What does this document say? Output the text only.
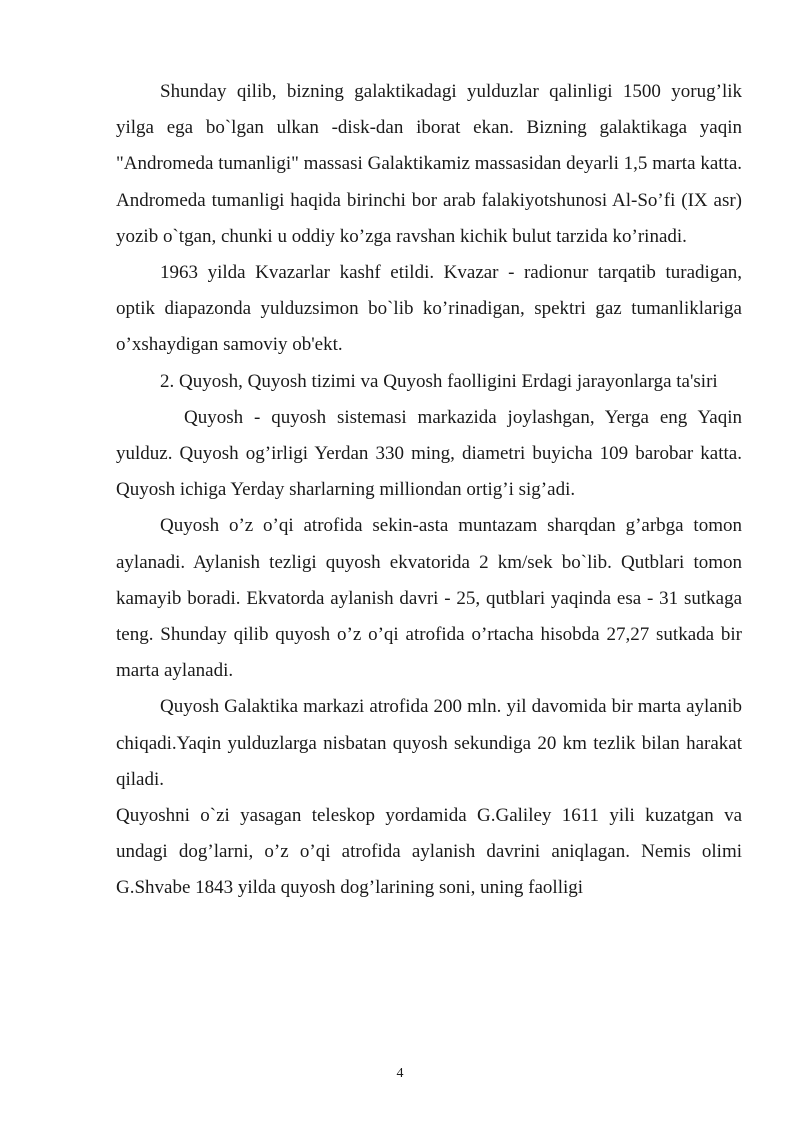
Shunday qilib, bizning galaktikadagi yulduzlar qalinligi 1500 yorug’lik yilga ega bo`lgan ulkan -disk-dan iborat ekan. Bizning galaktikaga yaqin "Andromeda tumanligi" massasi Galaktikamiz massasidan deyarli 1,5 marta katta. Andromeda tumanligi haqida birinchi bor arab falakiyotshunosi Al-So’fi (IX asr) yozib o`tgan, chunki u oddiy ko’zga ravshan kichik bulut tarzida ko’rinadi.

1963 yilda Kvazarlar kashf etildi. Kvazar - radionur tarqatib turadigan, optik diapazonda yulduzsimon bo`lib ko’rinadigan, spektri gaz tumanliklariga o’xshaydigan samoviy ob'ekt.

2. Quyosh, Quyosh tizimi va Quyosh faolligini Erdagi jarayonlarga ta'siri

Quyosh - quyosh sistemasi markazida joylashgan, Yerga eng Yaqin yulduz. Quyosh og’irligi Yerdan 330 ming, diametri buyicha 109 barobar katta. Quyosh ichiga Yerday sharlarning milliondan ortig’i sig’adi.

Quyosh o’z o’qi atrofida sekin-asta muntazam sharqdan g’arbga tomon aylanadi. Aylanish tezligi quyosh ekvatorida 2 km/sek bo`lib. Qutblari tomon kamayib boradi. Ekvatorda aylanish davri - 25, qutblari yaqinda esa - 31 sutkaga teng. Shunday qilib quyosh o’z o’qi atrofida o’rtacha hisobda 27,27 sutkada bir marta aylanadi.

Quyosh Galaktika markazi atrofida 200 mln. yil davomida bir marta aylanib chiqadi.Yaqin yulduzlarga nisbatan quyosh sekundiga 20 km tezlik bilan harakat qiladi.

Quyoshni o`zi yasagan teleskop yordamida G.Galiley 1611 yili kuzatgan va undagi dog’larni, o’z o’qi atrofida aylanish davrini aniqlagan. Nemis olimi G.Shvabe 1843 yilda quyosh dog’larining soni, uning faolligi

4
